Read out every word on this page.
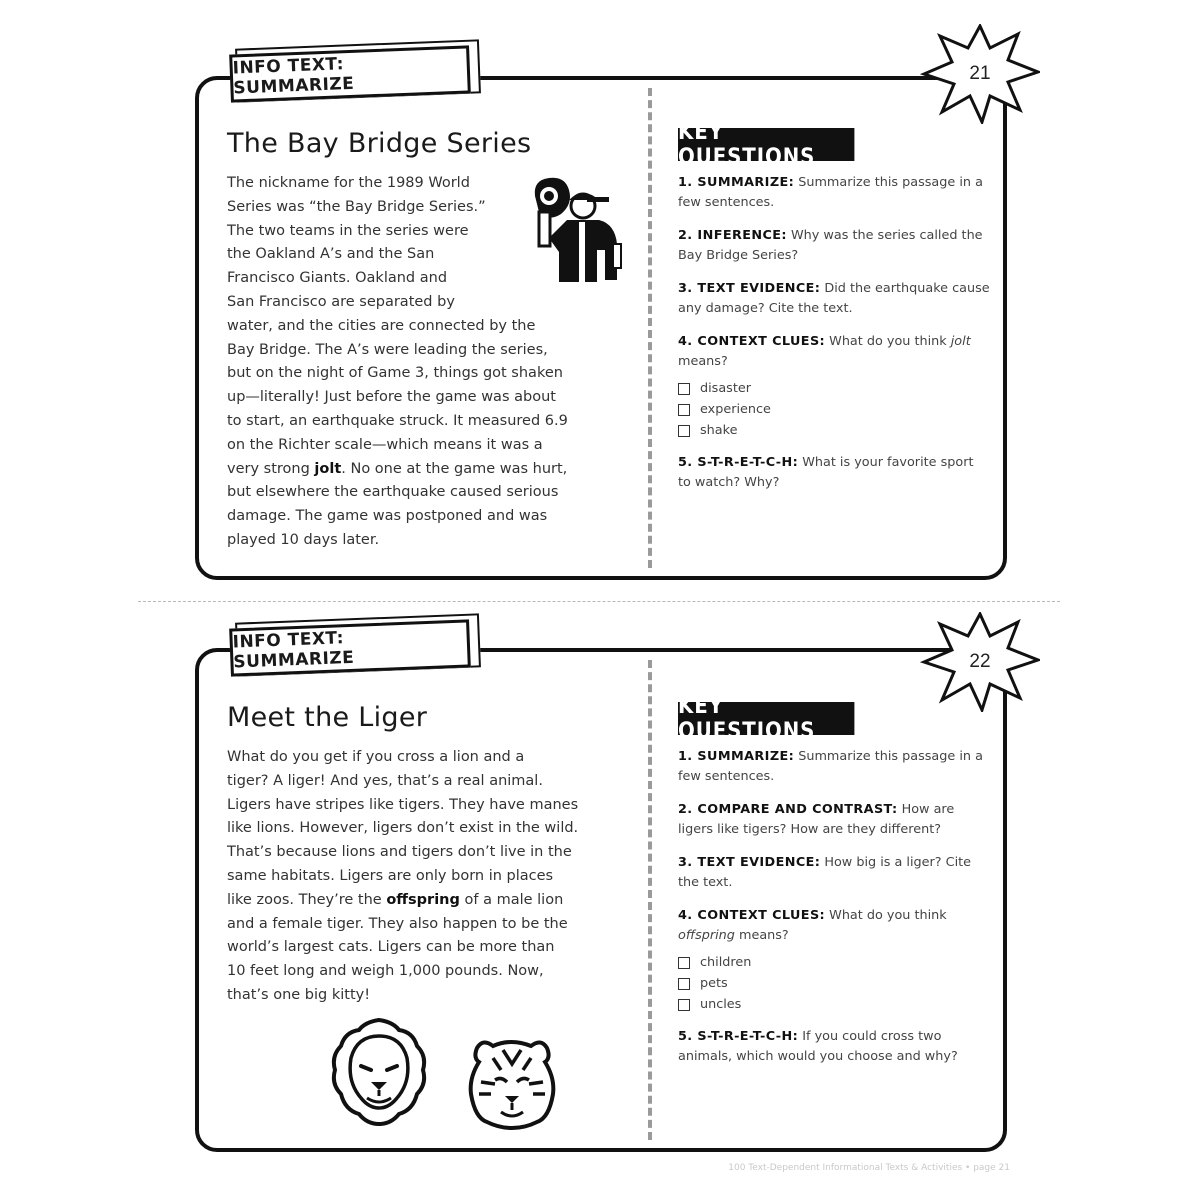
The Bay Bridge Series
The nickname for the 1989 World
Series was “the Bay Bridge Series.”
The two teams in the series were
the Oakland A’s and the San
Francisco Giants. Oakland and
San Francisco are separated by
water, and the cities are connected by the
Bay Bridge. The A’s were leading the series,
but on the night of Game 3, things got shaken
up—literally! Just before the game was about
to start, an earthquake struck. It measured 6.9
on the Richter scale—which means it was a
very strong jolt. No one at the game was hurt,
but elsewhere the earthquake caused serious
damage. The game was postponed and was
played 10 days later.
KEY QUESTIONS
1. SUMMARIZE: Summarize this passage in a few sentences.
2. INFERENCE: Why was the series called the Bay Bridge Series?
3. TEXT EVIDENCE: Did the earthquake cause any damage? Cite the text.
4. CONTEXT CLUES: What do you think jolt means?
disaster
experience
shake
5. S-T-R-E-T-C-H: What is your favorite sport to watch? Why?
INFO TEXT: SUMMARIZE
21
Meet the Liger
What do you get if you cross a lion and a
tiger? A liger! And yes, that’s a real animal.
Ligers have stripes like tigers. They have manes
like lions. However, ligers don’t exist in the wild.
That’s because lions and tigers don’t live in the
same habitats. Ligers are only born in places
like zoos. They’re the offspring of a male lion
and a female tiger. They also happen to be the
world’s largest cats. Ligers can be more than
10 feet long and weigh 1,000 pounds. Now,
that’s one big kitty!
KEY QUESTIONS
1. SUMMARIZE: Summarize this passage in a few sentences.
2. COMPARE AND CONTRAST: How are ligers like tigers? How are they different?
3. TEXT EVIDENCE: How big is a liger? Cite the text.
4. CONTEXT CLUES: What do you think offspring means?
children
pets
uncles
5. S-T-R-E-T-C-H: If you could cross two animals, which would you choose and why?
INFO TEXT: SUMMARIZE	22
100 Text-Dependent Informational Texts & Activities • page 21
